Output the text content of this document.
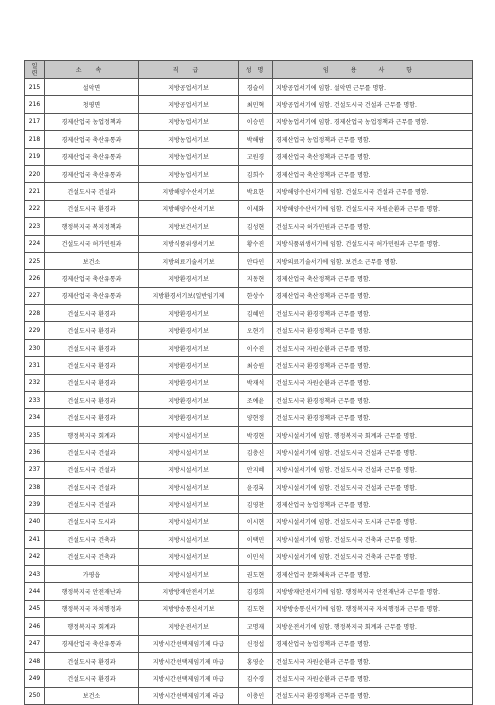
일
련	소 속	직 급	성 명	임 용 사 항
215	설악면	지방공업서기보	경슬이	지방공업서기에 임함. 설악면 근무를 명함.
216	청평면	지방공업서기보	최민혁	지방공업서기에 임함. 건설도시국 건설과 근무를 명함.
217	경제산업국 농업정책과	지방농업서기보	이승민	지방농업서기에 임함. 경제산업국 농업정책과 근무를 명함.
218	경제산업국 축산유통과	지방농업서기보	박해람	경제산업국 농업정책과 근무를 명함.
219	경제산업국 축산유통과	지방농업서기보	고원경	경제산업국 축산정책과 근무를 명함.
220	경제산업국 축산유통과	지방농업서기보	김희수	경제산업국 축산정책과 근무를 명함.
221	건설도시국 건설과	지방해양수산서기보	박요한	지방해양수산서기에 임함. 건설도시국 건설과 근무를 명함.
222	건설도시국 환경과	지방해양수산서기보	이세화	지방해양수산서기에 임함. 건설도시국 자원순환과 근무를 명함.
223	행정복지국 복지정책과	지방보건서기보	김성현	건설도시국 허가민원과 근무를 명함.
224	건설도시국 허가민원과	지방식품위생서기보	황수진	지방식품위생서기에 임함. 건설도시국 허가민원과 근무를 명함.
225	보건소	지방의료기술서기보	안다인	지방의료기술서기에 임함. 보건소 근무를 명함.
226	경제산업국 축산유통과	지방환경서기보	지동현	경제산업국 축산정책과 근무를 명함.
227	경제산업국 축산유통과	지방환경서기보(일반임기제	한상수	경제산업국 축산정책과 근무를 명함.
228	건설도시국 환경과	지방환경서기보	김혜인	건설도시국 환경정책과 근무를 명함.
229	건설도시국 환경과	지방환경서기보	오현기	건설도시국 환경정책과 근무를 명함.
230	건설도시국 환경과	지방환경서기보	이수진	건설도시국 자원순환과 근무를 명함.
231	건설도시국 환경과	지방환경서기보	최승원	건설도시국 환경정책과 근무를 명함.
232	건설도시국 환경과	지방환경서기보	박재석	건설도시국 자원순환과 근무를 명함.
233	건설도시국 환경과	지방환경서기보	조예윤	건설도시국 환경정책과 근무를 명함.
234	건설도시국 환경과	지방환경서기보	양현정	건설도시국 환경정책과 근무를 명함.
235	행정복지국 회계과	지방시설서기보	박경현	지방시설서기에 임함. 행정복지국 회계과 근무를 명함.
236	건설도시국 건설과	지방시설서기보	김충신	지방시설서기에 임함. 건설도시국 건설과 근무를 명함.
237	건설도시국 건설과	지방시설서기보	안지혜	지방시설서기에 임함. 건설도시국 건설과 근무를 명함.
238	건설도시국 건설과	지방시설서기보	윤경록	지방시설서기에 임함. 건설도시국 건설과 근무를 명함.
239	건설도시국 건설과	지방시설서기보	김영찬	경제산업국 농업정책과 근무를 명함.
240	건설도시국 도시과	지방시설서기보	이시현	지방시설서기에 임함. 건설도시국 도시과 근무를 명함.
241	건설도시국 건축과	지방시설서기보	이택민	지방시설서기에 임함. 건설도시국 건축과 근무를 명함.
242	건설도시국 건축과	지방시설서기보	이민석	지방시설서기에 임함. 건설도시국 건축과 근무를 명함.
243	가평읍	지방시설서기보	권도현	경제산업국 문화체육과 근무를 명함.
244	행정복지국 안전재난과	지방방재안전서기보	김경희	지방방재안전서기에 임함. 행정복지국 안전재난과 근무를 명함.
245	행정복지국 자치행정과	지방방송통신서기보	김도현	지방방송통신서기에 임함. 행정복지국 자치행정과 근무를 명함.
246	행정복지국 회계과	지방운전서기보	고명재	지방운전서기에 임함. 행정복지국 회계과 근무를 명함.
247	경제산업국 축산유통과	지방시간선택제임기제 다급	신정섭	경제산업국 농업정책과 근무를 명함.
248	건설도시국 환경과	지방시간선택제임기제 마급	홍영순	건설도시국 자원순환과 근무를 명함.
249	건설도시국 환경과	지방시간선택제임기제 마급	김수경	건설도시국 자원순환과 근무를 명함.
250	보건소	지방시간선택제임기제 라급	이충인	건설도시국 환경정책과 근무를 명함.
